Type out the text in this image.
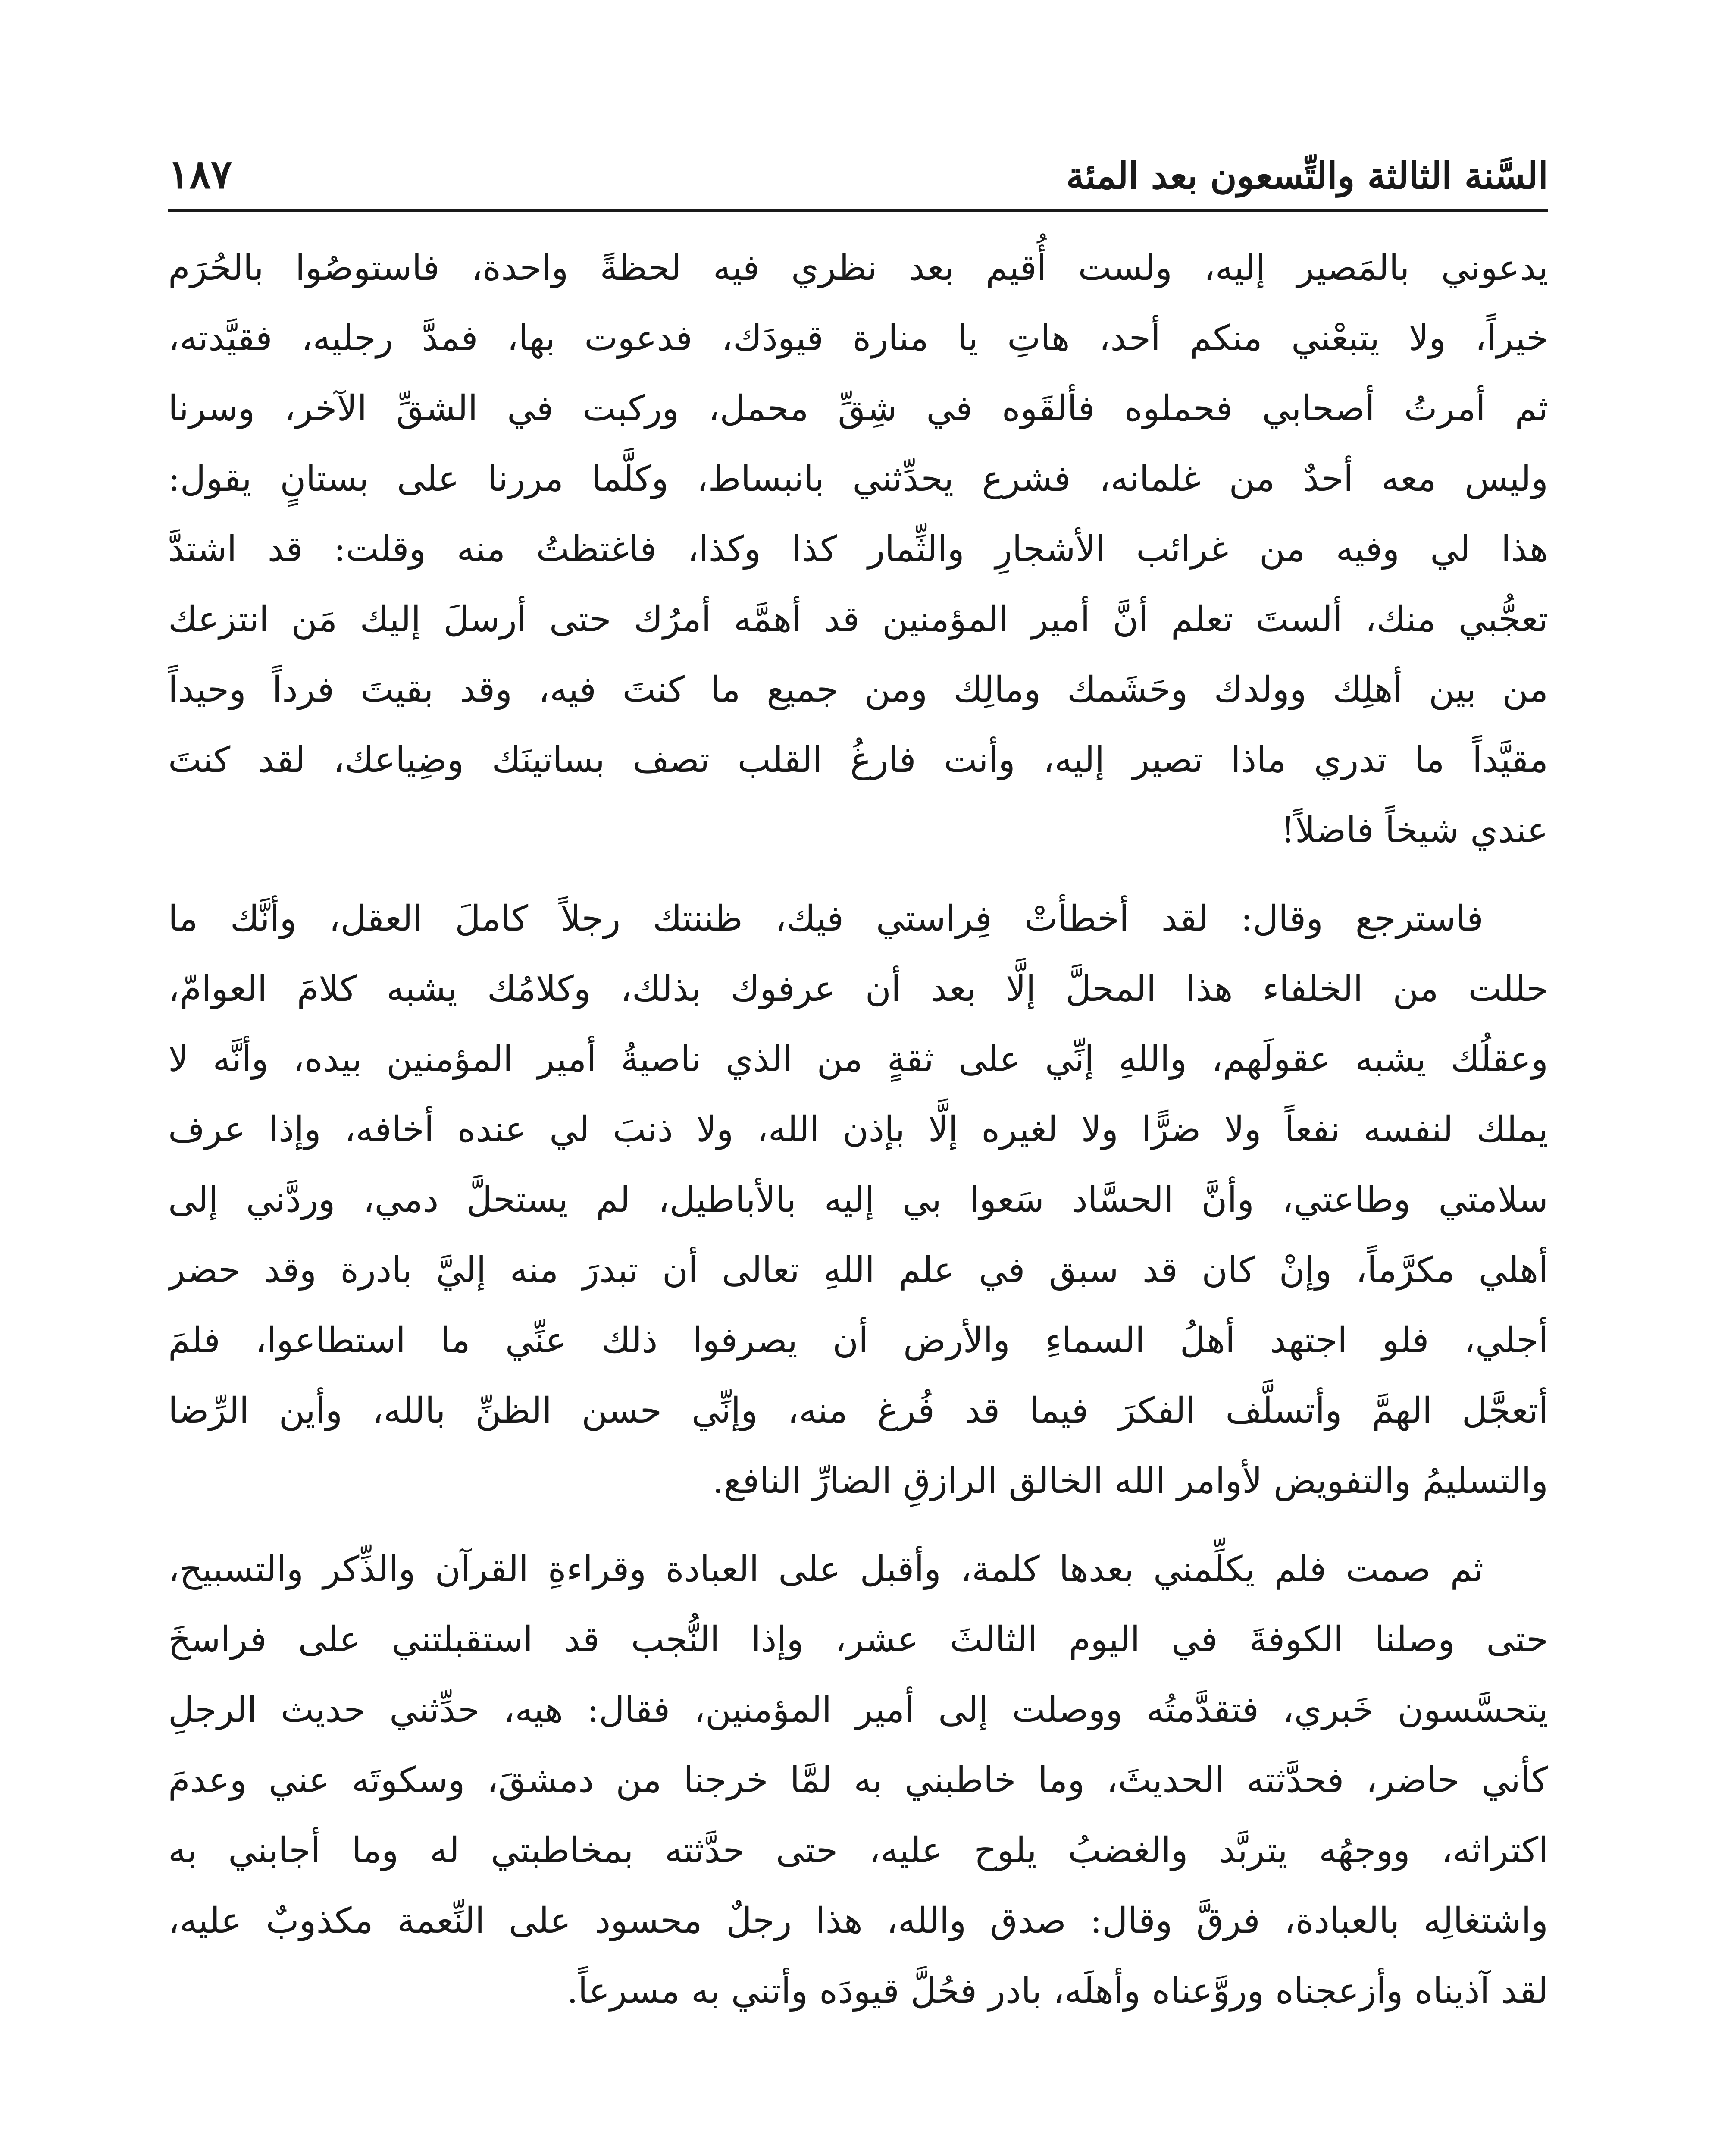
السَّنة الثالثة والتِّسعون بعد المئة
١٨٧
يدعوني بالمَصير إليه، ولست أُقيم بعد نظري فيه لحظةً واحدة، فاستوصُوا بالحُرَم
خيراً، ولا يتبعْني منكم أحد، هاتِ يا منارة قيودَك، فدعوت بها، فمدَّ رجليه، فقيَّدته،
ثم أمرتُ أصحابي فحملوه فألقَوه في شِقِّ محمل، وركبت في الشقِّ الآخر، وسرنا
وليس معه أحدٌ من غلمانه، فشرع يحدِّثني بانبساط، وكلَّما مررنا على بستانٍ يقول:
هذا لي وفيه من غرائب الأشجارِ والثِّمار كذا وكذا، فاغتظتُ منه وقلت: قد اشتدَّ
تعجُّبي منك، ألستَ تعلم أنَّ أمير المؤمنين قد أهمَّه أمرُك حتى أرسلَ إليك مَن انتزعك
من بين أهلِك وولدك وحَشَمك ومالِك ومن جميع ما كنتَ فيه، وقد بقيتَ فرداً وحيداً
مقيَّداً ما تدري ماذا تصير إليه، وأنت فارغُ القلب تصف بساتينَك وضِياعك، لقد كنتَ
عندي شيخاً فاضلاً!
فاسترجع وقال: لقد أخطأتْ فِراستي فيك، ظننتك رجلاً كاملَ العقل، وأنَّك ما
حللت من الخلفاء هذا المحلَّ إلَّا بعد أن عرفوك بذلك، وكلامُك يشبه كلامَ العوامّ،
وعقلُك يشبه عقولَهم، واللهِ إنِّي على ثقةٍ من الذي ناصيةُ أمير المؤمنين بيده، وأنَّه لا
يملك لنفسه نفعاً ولا ضرًّا ولا لغيره إلَّا بإذن الله، ولا ذنبَ لي عنده أخافه، وإذا عرف
سلامتي وطاعتي، وأنَّ الحسَّاد سَعوا بي إليه بالأباطيل، لم يستحلَّ دمي، وردَّني إلى
أهلي مكرَّماً، وإنْ كان قد سبق في علم اللهِ تعالى أن تبدرَ منه إليَّ بادرة وقد حضر
أجلي، فلو اجتهد أهلُ السماءِ والأرض أن يصرفوا ذلك عنِّي ما استطاعوا، فلمَ
أتعجَّل الهمَّ وأتسلَّف الفكرَ فيما قد فُرغ منه، وإنِّي حسن الظنِّ بالله، وأين الرِّضا
والتسليمُ والتفويض لأوامر الله الخالق الرازقِ الضارِّ النافع.
ثم صمت فلم يكلِّمني بعدها كلمة، وأقبل على العبادة وقراءةِ القرآن والذِّكر والتسبيح،
حتى وصلنا الكوفةَ في اليوم الثالثَ عشر، وإذا النُّجب قد استقبلتني على فراسخَ
يتحسَّسون خَبري، فتقدَّمتُه ووصلت إلى أمير المؤمنين، فقال: هيه، حدِّثني حديث الرجلِ
كأني حاضر، فحدَّثته الحديثَ، وما خاطبني به لمَّا خرجنا من دمشقَ، وسكوتَه عني وعدمَ
اكتراثه، ووجهُه يتربَّد والغضبُ يلوح عليه، حتى حدَّثته بمخاطبتي له وما أجابني به
واشتغالِه بالعبادة، فرقَّ وقال: صدق والله، هذا رجلٌ محسود على النِّعمة مكذوبٌ عليه،
لقد آذيناه وأزعجناه وروَّعناه وأهلَه، بادر فحُلَّ قيودَه وأتني به مسرعاً.
